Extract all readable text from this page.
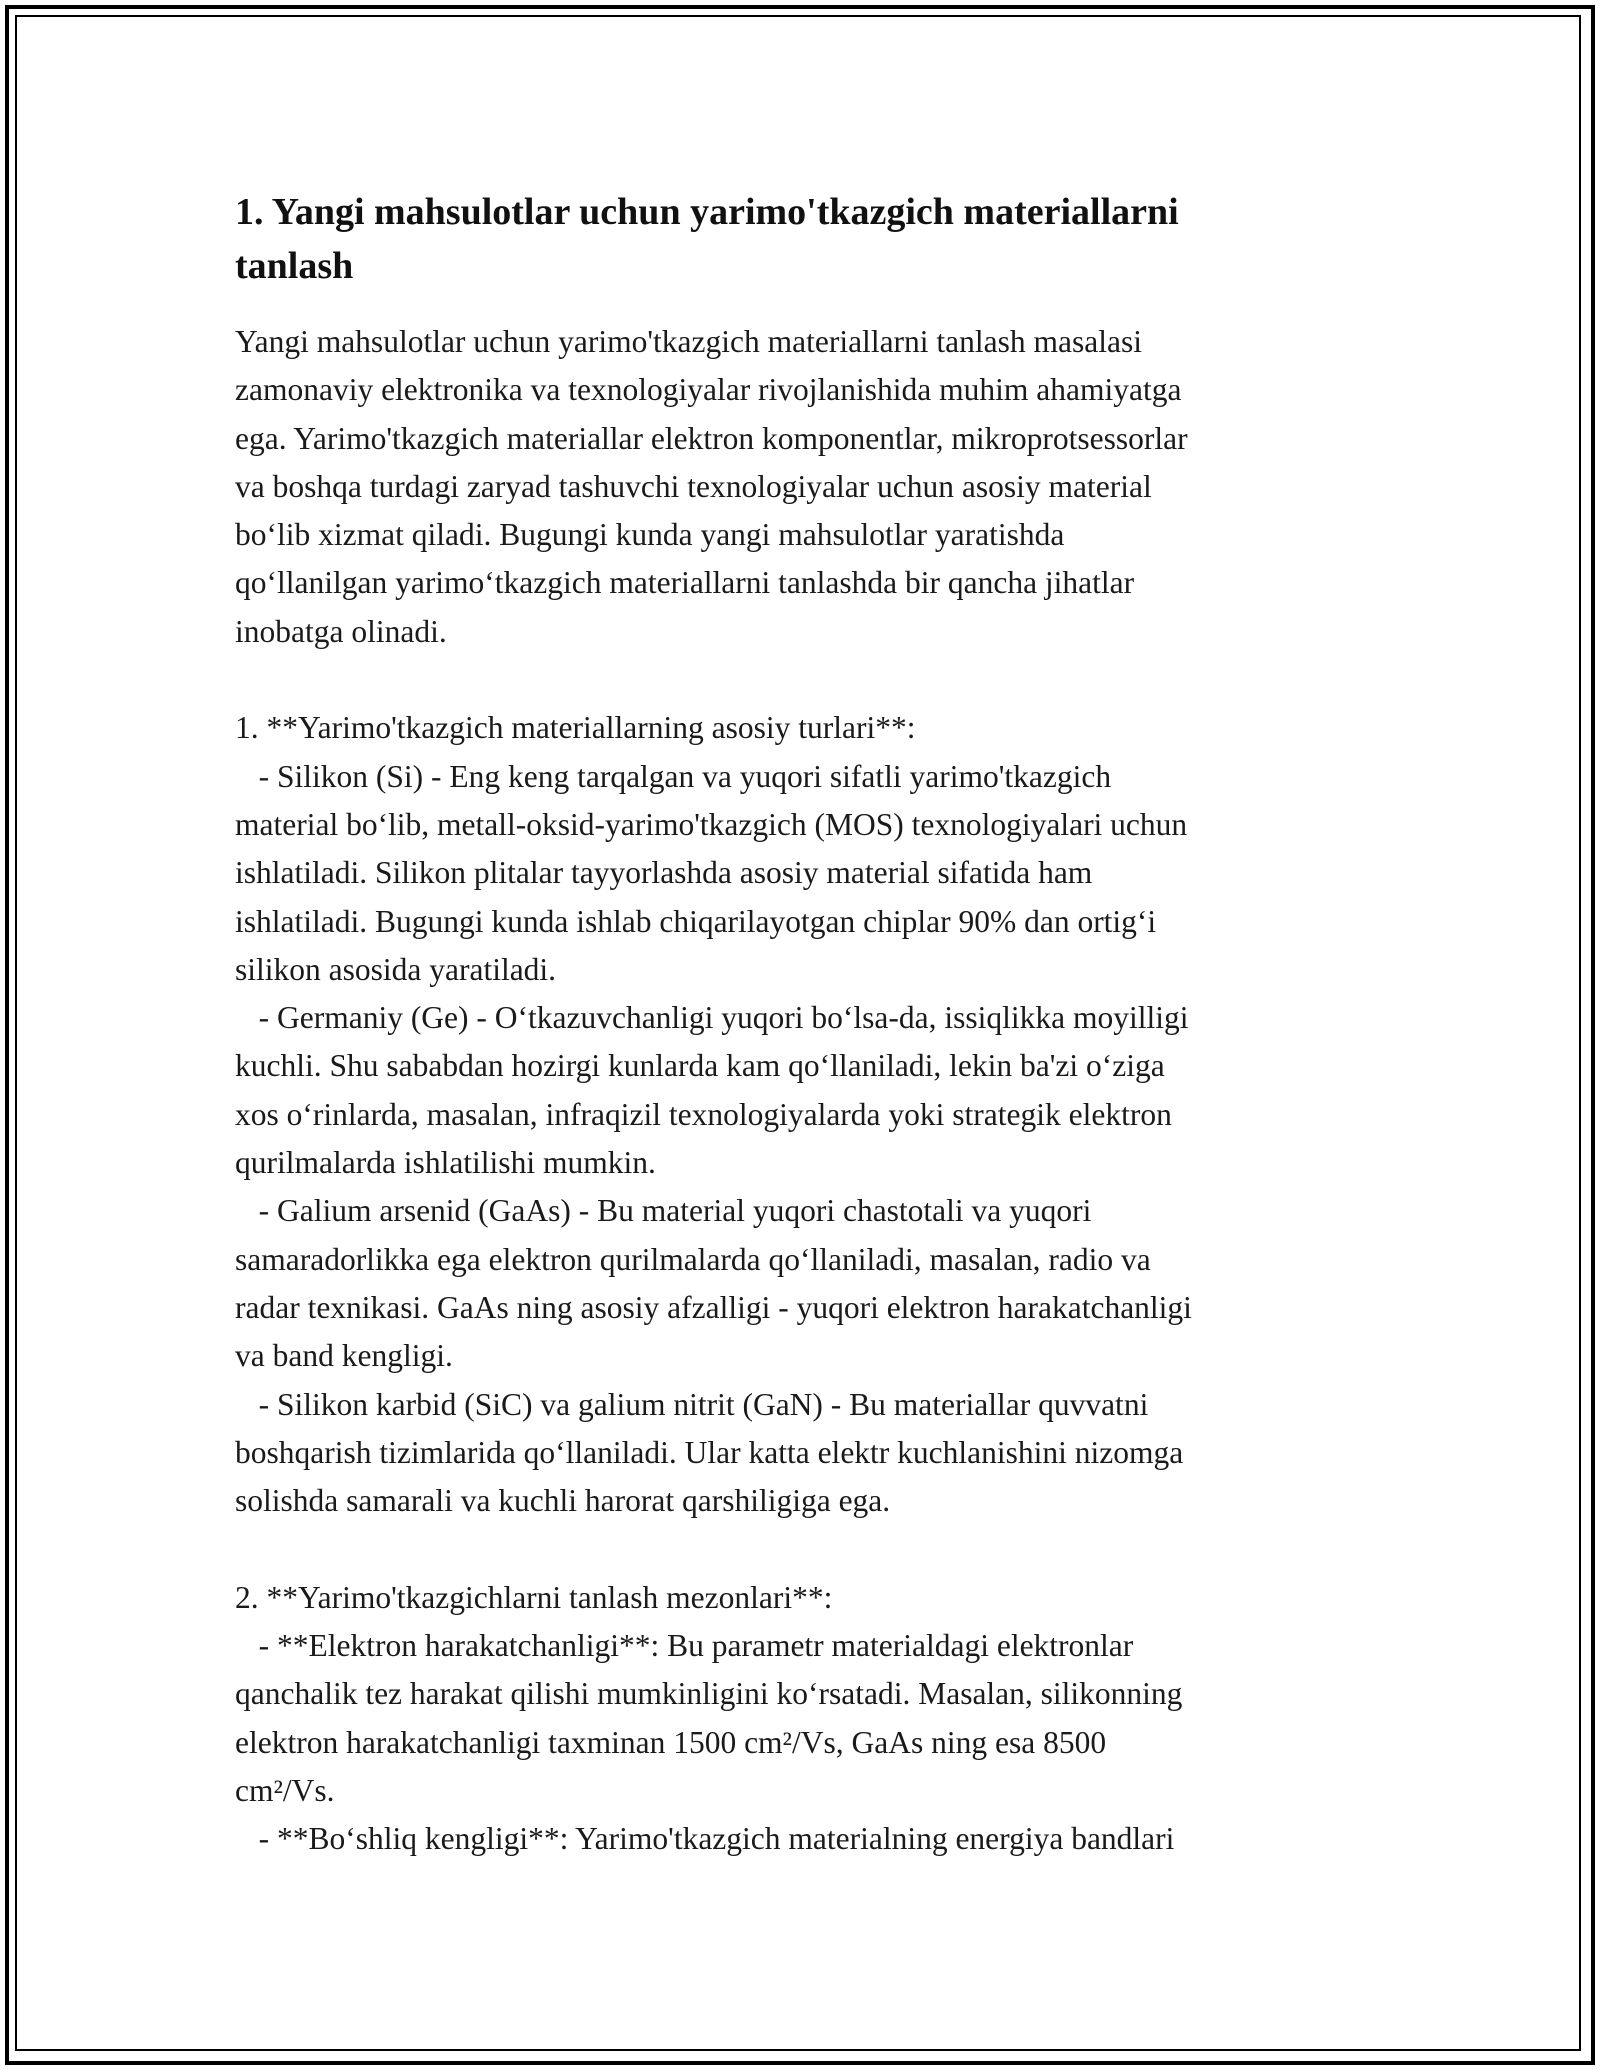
1. Yangi mahsulotlar uchun yarimo'tkazgich materiallarni
tanlash
Yangi mahsulotlar uchun yarimo'tkazgich materiallarni tanlash masalasi
zamonaviy elektronika va texnologiyalar rivojlanishida muhim ahamiyatga
ega. Yarimo'tkazgich materiallar elektron komponentlar, mikroprotsessorlar
va boshqa turdagi zaryad tashuvchi texnologiyalar uchun asosiy material
bo‘lib xizmat qiladi. Bugungi kunda yangi mahsulotlar yaratishda
qo‘llanilgan yarimo‘tkazgich materiallarni tanlashda bir qancha jihatlar
inobatga olinadi.
1. **Yarimo'tkazgich materiallarning asosiy turlari**:
- Silikon (Si) - Eng keng tarqalgan va yuqori sifatli yarimo'tkazgich
material bo‘lib, metall-oksid-yarimo'tkazgich (MOS) texnologiyalari uchun
ishlatiladi. Silikon plitalar tayyorlashda asosiy material sifatida ham
ishlatiladi. Bugungi kunda ishlab chiqarilayotgan chiplar 90% dan ortig‘i
silikon asosida yaratiladi.
- Germaniy (Ge) - O‘tkazuvchanligi yuqori bo‘lsa-da, issiqlikka moyilligi
kuchli. Shu sababdan hozirgi kunlarda kam qo‘llaniladi, lekin ba'zi o‘ziga
xos o‘rinlarda, masalan, infraqizil texnologiyalarda yoki strategik elektron
qurilmalarda ishlatilishi mumkin.
- Galium arsenid (GaAs) - Bu material yuqori chastotali va yuqori
samaradorlikka ega elektron qurilmalarda qo‘llaniladi, masalan, radio va
radar texnikasi. GaAs ning asosiy afzalligi - yuqori elektron harakatchanligi
va band kengligi.
- Silikon karbid (SiC) va galium nitrit (GaN) - Bu materiallar quvvatni
boshqarish tizimlarida qo‘llaniladi. Ular katta elektr kuchlanishini nizomga
solishda samarali va kuchli harorat qarshiligiga ega.
2. **Yarimo'tkazgichlarni tanlash mezonlari**:
- **Elektron harakatchanligi**: Bu parametr materialdagi elektronlar
qanchalik tez harakat qilishi mumkinligini ko‘rsatadi. Masalan, silikonning
elektron harakatchanligi taxminan 1500 cm²/Vs, GaAs ning esa 8500
cm²/Vs.
- **Bo‘shliq kengligi**: Yarimo'tkazgich materialning energiya bandlari
